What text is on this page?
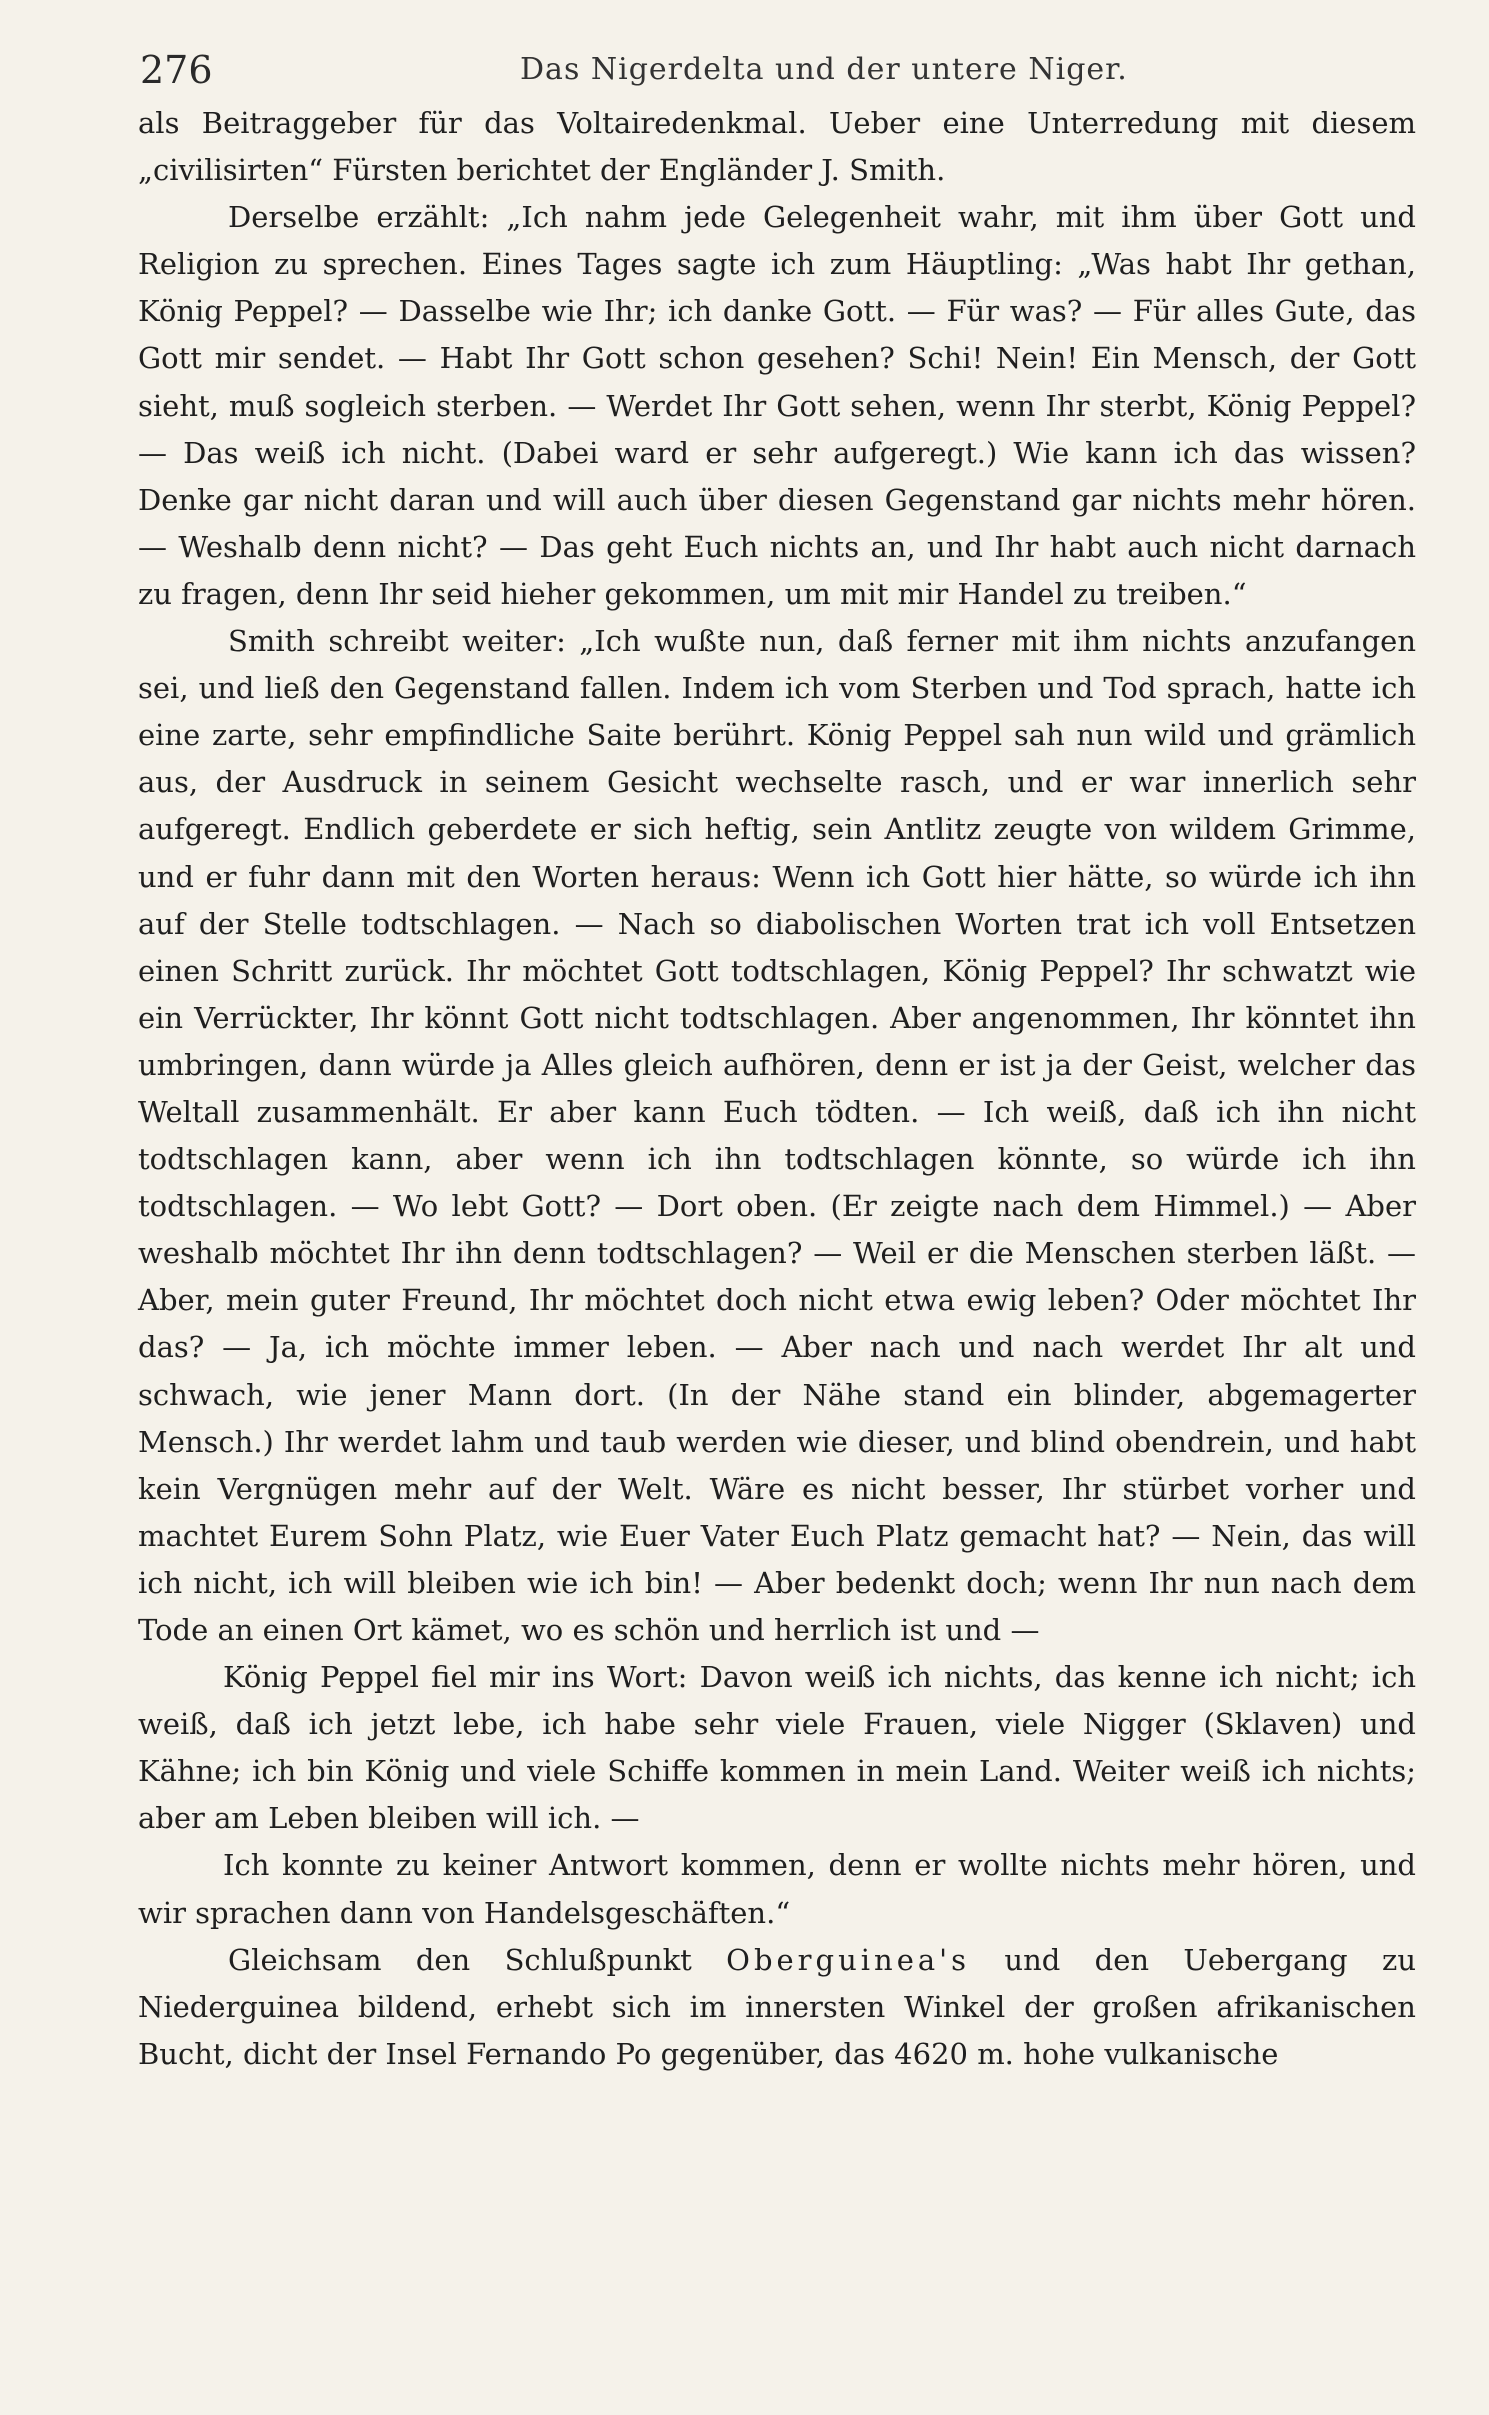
276	Das Nigerdelta und der untere Niger.

als Beitraggeber für das Voltairedenkmal. Ueber eine Unterredung mit diesem „civilisirten“ Fürsten berichtet der Engländer J. Smith.

Derselbe erzählt: „Ich nahm jede Gelegenheit wahr, mit ihm über Gott und Religion zu sprechen. Eines Tages sagte ich zum Häuptling: „Was habt Ihr gethan, König Peppel? — Dasselbe wie Ihr; ich danke Gott. — Für was? — Für alles Gute, das Gott mir sendet. — Habt Ihr Gott schon gesehen? Schi! Nein! Ein Mensch, der Gott sieht, muß sogleich sterben. — Werdet Ihr Gott sehen, wenn Ihr sterbt, König Peppel? — Das weiß ich nicht. (Dabei ward er sehr aufgeregt.) Wie kann ich das wissen? Denke gar nicht daran und will auch über diesen Gegenstand gar nichts mehr hören. — Weshalb denn nicht? — Das geht Euch nichts an, und Ihr habt auch nicht darnach zu fragen, denn Ihr seid hieher gekommen, um mit mir Handel zu treiben.“

Smith schreibt weiter: „Ich wußte nun, daß ferner mit ihm nichts anzufangen sei, und ließ den Gegenstand fallen. Indem ich vom Sterben und Tod sprach, hatte ich eine zarte, sehr empfindliche Saite berührt. König Peppel sah nun wild und grämlich aus, der Ausdruck in seinem Gesicht wechselte rasch, und er war innerlich sehr aufgeregt. Endlich geberdete er sich heftig, sein Antlitz zeugte von wildem Grimme, und er fuhr dann mit den Worten heraus: Wenn ich Gott hier hätte, so würde ich ihn auf der Stelle todtschlagen. — Nach so diabolischen Worten trat ich voll Entsetzen einen Schritt zurück. Ihr möchtet Gott todtschlagen, König Peppel? Ihr schwatzt wie ein Verrückter, Ihr könnt Gott nicht todtschlagen. Aber angenommen, Ihr könntet ihn umbringen, dann würde ja Alles gleich aufhören, denn er ist ja der Geist, welcher das Weltall zusammenhält. Er aber kann Euch tödten. — Ich weiß, daß ich ihn nicht todtschlagen kann, aber wenn ich ihn todtschlagen könnte, so würde ich ihn todtschlagen. — Wo lebt Gott? — Dort oben. (Er zeigte nach dem Himmel.) — Aber weshalb möchtet Ihr ihn denn todtschlagen? — Weil er die Menschen sterben läßt. — Aber, mein guter Freund, Ihr möchtet doch nicht etwa ewig leben? Oder möchtet Ihr das? — Ja, ich möchte immer leben. — Aber nach und nach werdet Ihr alt und schwach, wie jener Mann dort. (In der Nähe stand ein blinder, abgemagerter Mensch.) Ihr werdet lahm und taub werden wie dieser, und blind obendrein, und habt kein Vergnügen mehr auf der Welt. Wäre es nicht besser, Ihr stürbet vorher und machtet Eurem Sohn Platz, wie Euer Vater Euch Platz gemacht hat? — Nein, das will ich nicht, ich will bleiben wie ich bin! — Aber bedenkt doch; wenn Ihr nun nach dem Tode an einen Ort kämet, wo es schön und herrlich ist und —

König Peppel fiel mir ins Wort: Davon weiß ich nichts, das kenne ich nicht; ich weiß, daß ich jetzt lebe, ich habe sehr viele Frauen, viele Nigger (Sklaven) und Kähne; ich bin König und viele Schiffe kommen in mein Land. Weiter weiß ich nichts; aber am Leben bleiben will ich. —

Ich konnte zu keiner Antwort kommen, denn er wollte nichts mehr hören, und wir sprachen dann von Handelsgeschäften.“

Gleichsam den Schlußpunkt Oberguinea's und den Uebergang zu Niederguinea bildend, erhebt sich im innersten Winkel der großen afrikanischen Bucht, dicht der Insel Fernando Po gegenüber, das 4620 m. hohe vulkanische
